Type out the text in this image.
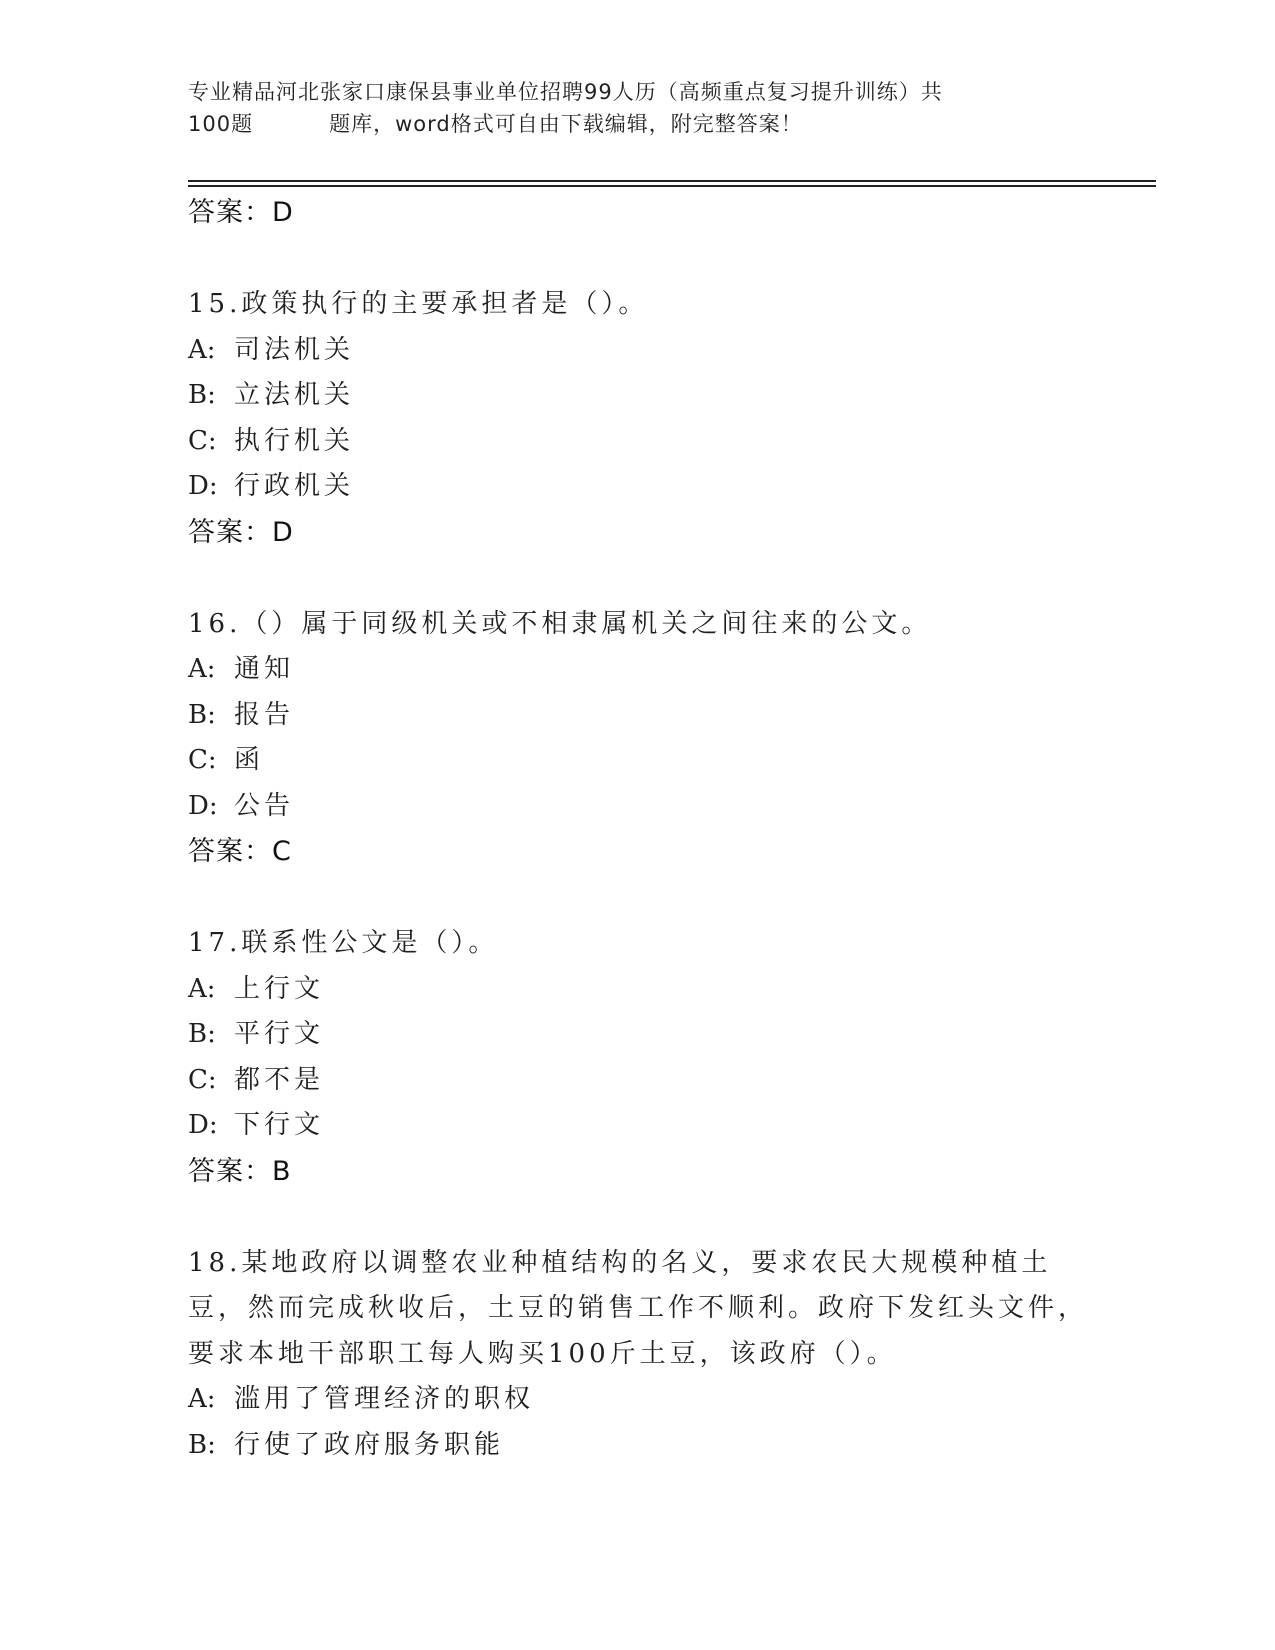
专业精品河北张家口康保县事业单位招聘99人历（高频重点复习提升训练）共
100题	题库，word格式可自由下载编辑，附完整答案！
答案：D
15.政策执行的主要承担者是（）。
A: 司法机关
B: 立法机关
C: 执行机关
D: 行政机关
答案：D
16.（）属于同级机关或不相隶属机关之间往来的公文。
A: 通知
B: 报告
C: 函
D: 公告
答案：C
17.联系性公文是（）。
A: 上行文
B: 平行文
C: 都不是
D: 下行文
答案：B
18.某地政府以调整农业种植结构的名义，要求农民大规模种植土豆，然而完成秋收后，土豆的销售工作不顺利。政府下发红头文件，要求本地干部职工每人购买100斤土豆，该政府（）。
A: 滥用了管理经济的职权
B: 行使了政府服务职能
